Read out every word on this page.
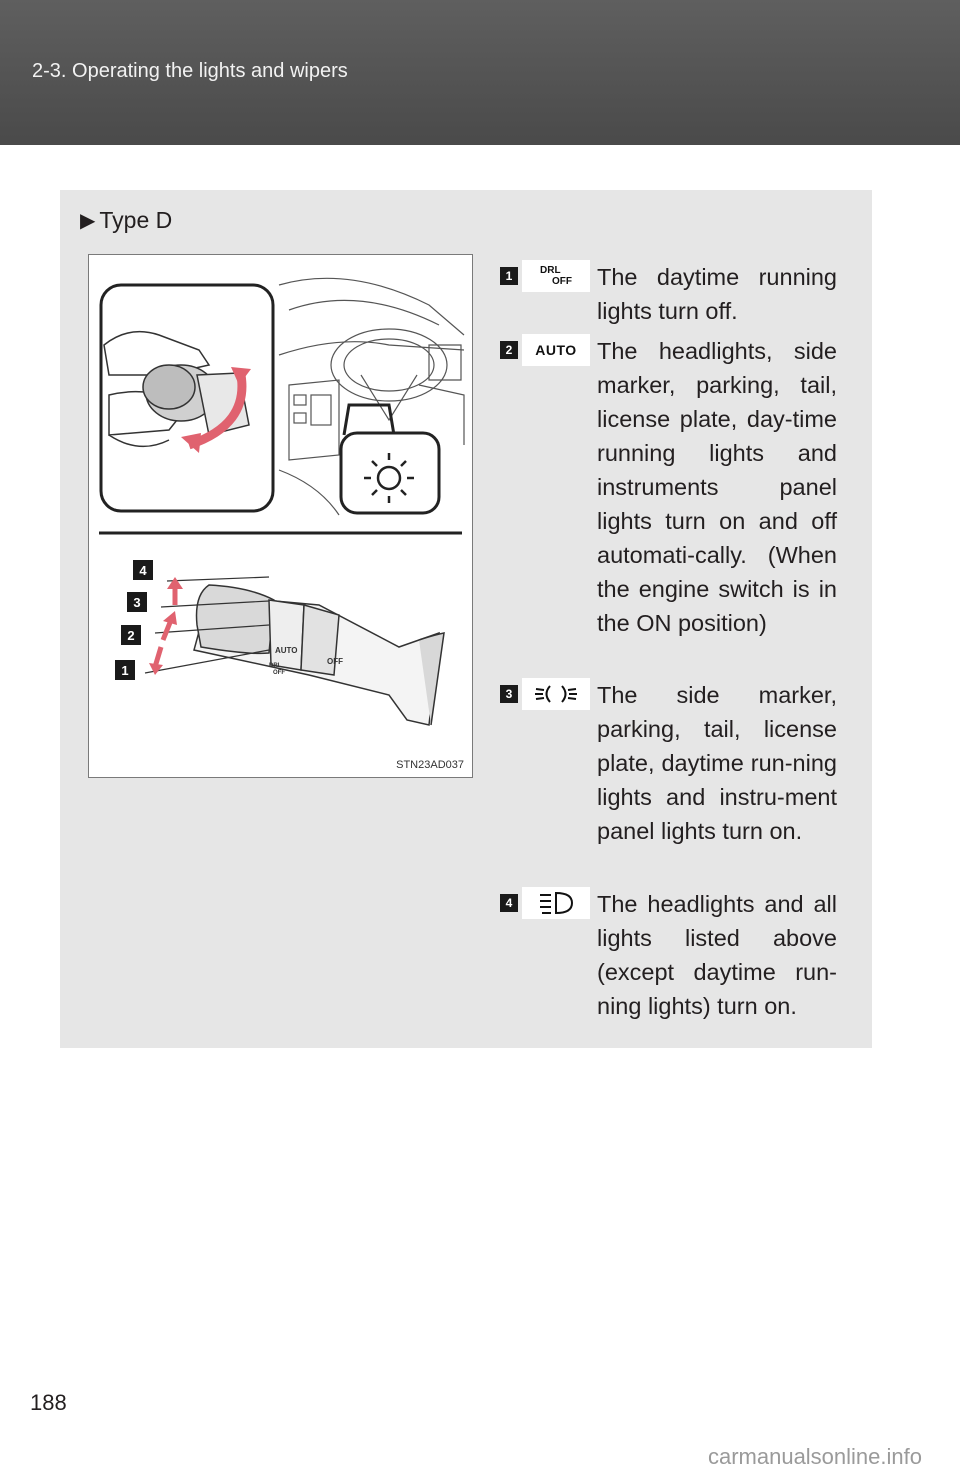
2-3. Operating the lights and wipers
▶ Type D
AUTO
OFF
DRL
OFF
4
3
2
1
STN23AD037
1	DRL
OFF The daytime running lights turn off.
2	AUTO The headlights, side marker, parking, tail, license plate, day-time running lights and instruments panel lights turn on and off automati-cally. (When the engine switch is in the ON position)
3	The side marker, parking, tail, license plate, daytime run-ning lights and instru-ment panel lights turn on.
4	The headlights and all lights listed above (except daytime run-ning lights) turn on.
188
carmanualsonline.info
